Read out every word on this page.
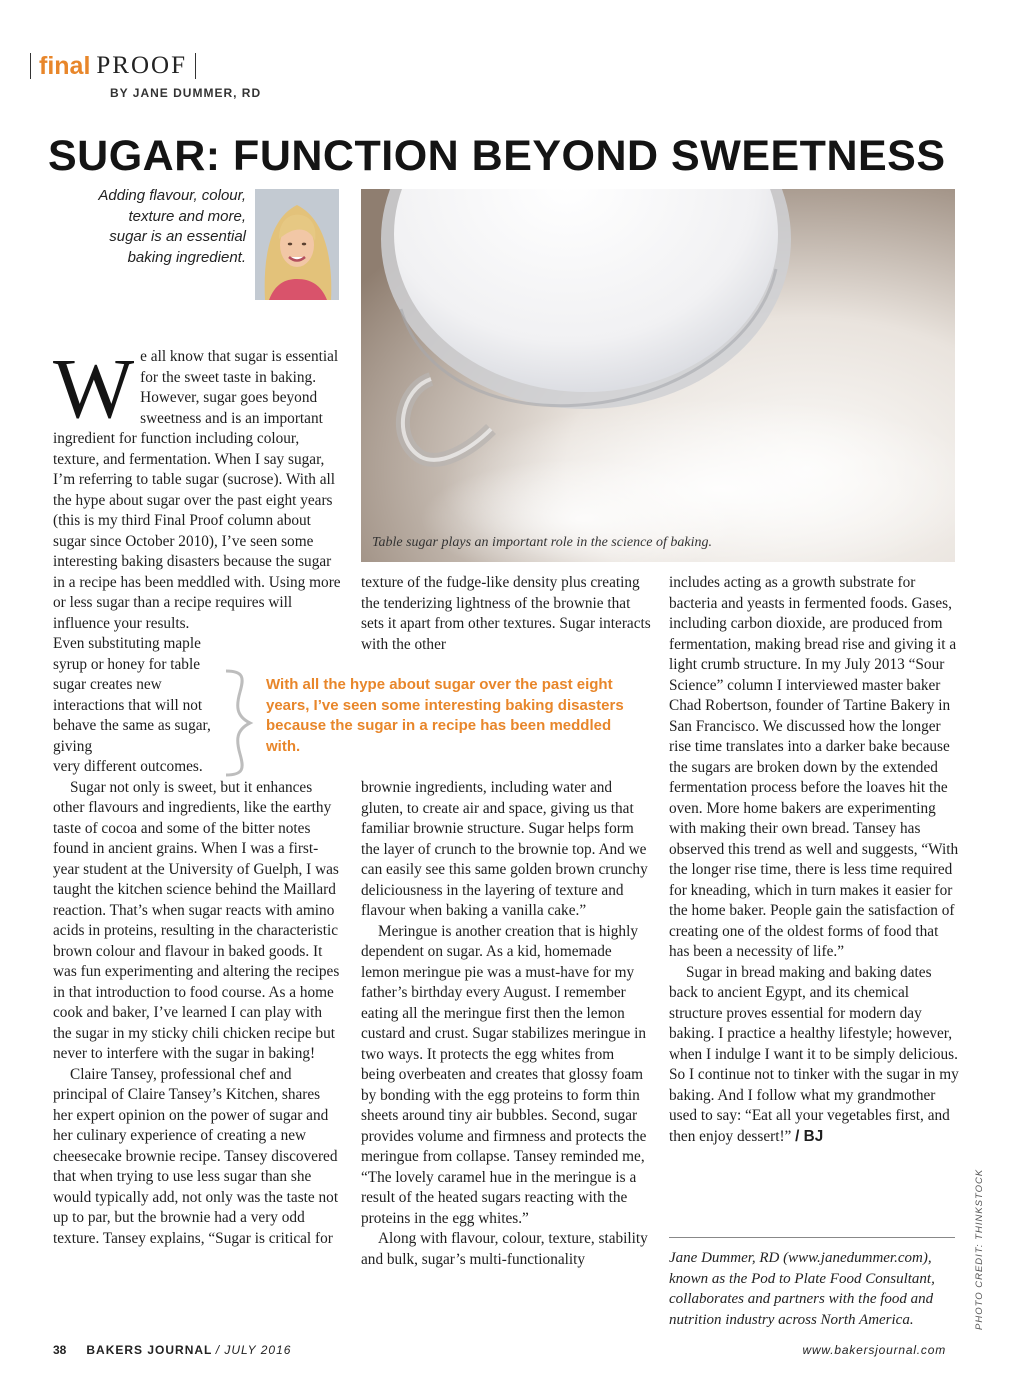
final PROOF
BY JANE DUMMER, RD
SUGAR: FUNCTION BEYOND SWEETNESS
Adding flavour, colour, texture and more, sugar is an essential baking ingredient.
Table sugar plays an important role in the science of baking.

We all know that sugar is essential for the sweet taste in baking. However, sugar goes beyond sweetness and is an important ingredient for function including colour, texture, and fermentation. When I say sugar, I’m referring to table sugar (sucrose). With all the hype about sugar over the past eight years (this is my third Final Proof column about sugar since October 2010), I’ve seen some interesting baking disasters because the sugar in a recipe has been meddled with. Using more or less sugar than a recipe requires will influence your results.

Even substituting maple syrup or honey for table sugar creates new interactions that will not behave the same as sugar, giving
very different outcomes.

Sugar not only is sweet, but it enhances other flavours and ingredients, like the earthy taste of cocoa and some of the bitter notes found in ancient grains. When I was a first-year student at the University of Guelph, I was taught the kitchen science behind the Maillard reaction. That’s when sugar reacts with amino acids in proteins, resulting in the characteristic brown colour and flavour in baked goods. It was fun experimenting and altering the recipes in that introduction to food course. As a home cook and baker, I’ve learned I can play with the sugar in my sticky chili chicken recipe but never to interfere with the sugar in baking!

Claire Tansey, professional chef and principal of Claire Tansey’s Kitchen, shares her expert opinion on the power of sugar and her culinary experience of creating a new cheesecake brownie recipe. Tansey discovered that when trying to use less sugar than she would typically add, not only was the taste not up to par, but the brownie had a very odd texture. Tansey explains, “Sugar is critical for

With all the hype about sugar over the past eight years, I’ve seen some interesting baking disasters because the sugar in a recipe has been meddled with.

texture of the fudge-like density plus creating the tenderizing lightness of the brownie that sets it apart from other textures. Sugar interacts with the other

brownie ingredients, including water and gluten, to create air and space, giving us that familiar brownie structure. Sugar helps form the layer of crunch to the brownie top. And we can easily see this same golden brown crunchy deliciousness in the layering of texture and flavour when baking a vanilla cake.”

Meringue is another creation that is highly dependent on sugar. As a kid, homemade lemon meringue pie was a must-have for my father’s birthday every August. I remember eating all the meringue first then the lemon custard and crust. Sugar stabilizes meringue in two ways. It protects the egg whites from being overbeaten and creates that glossy foam by bonding with the egg proteins to form thin sheets around tiny air bubbles. Second, sugar provides volume and firmness and protects the meringue from collapse. Tansey reminded me, “The lovely caramel hue in the meringue is a result of the heated sugars reacting with the proteins in the egg whites.”

Along with flavour, colour, texture, stability and bulk, sugar’s multi-functionality

includes acting as a growth substrate for bacteria and yeasts in fermented foods. Gases, including carbon dioxide, are produced from fermentation, making bread rise and giving it a light crumb structure. In my July 2013 “Sour Science” column I interviewed master baker Chad Robertson, founder of Tartine Bakery in San Francisco. We discussed how the longer rise time translates into a darker bake because the sugars are broken down by the extended fermentation process before the loaves hit the oven. More home bakers are experimenting with making their own bread. Tansey has observed this trend as well and suggests, “With the longer rise time, there is less time required for kneading, which in turn makes it easier for the home baker. People gain the satisfaction of creating one of the oldest forms of food that has been a necessity of life.”

Sugar in bread making and baking dates back to ancient Egypt, and its chemical structure proves essential for modern day baking. I practice a healthy lifestyle; however, when I indulge I want it to be simply delicious. So I continue not to tinker with the sugar in my baking. And I follow what my grandmother used to say: “Eat all your vegetables first, and then enjoy dessert!” / BJ

Jane Dummer, RD (www.janedummer.com), known as the Pod to Plate Food Consultant, collaborates and partners with the food and nutrition industry across North America.	PHOTO CREDIT: THINKSTOCK
38 BAKERS JOURNAL / JULY 2016	www.bakersjournal.com
